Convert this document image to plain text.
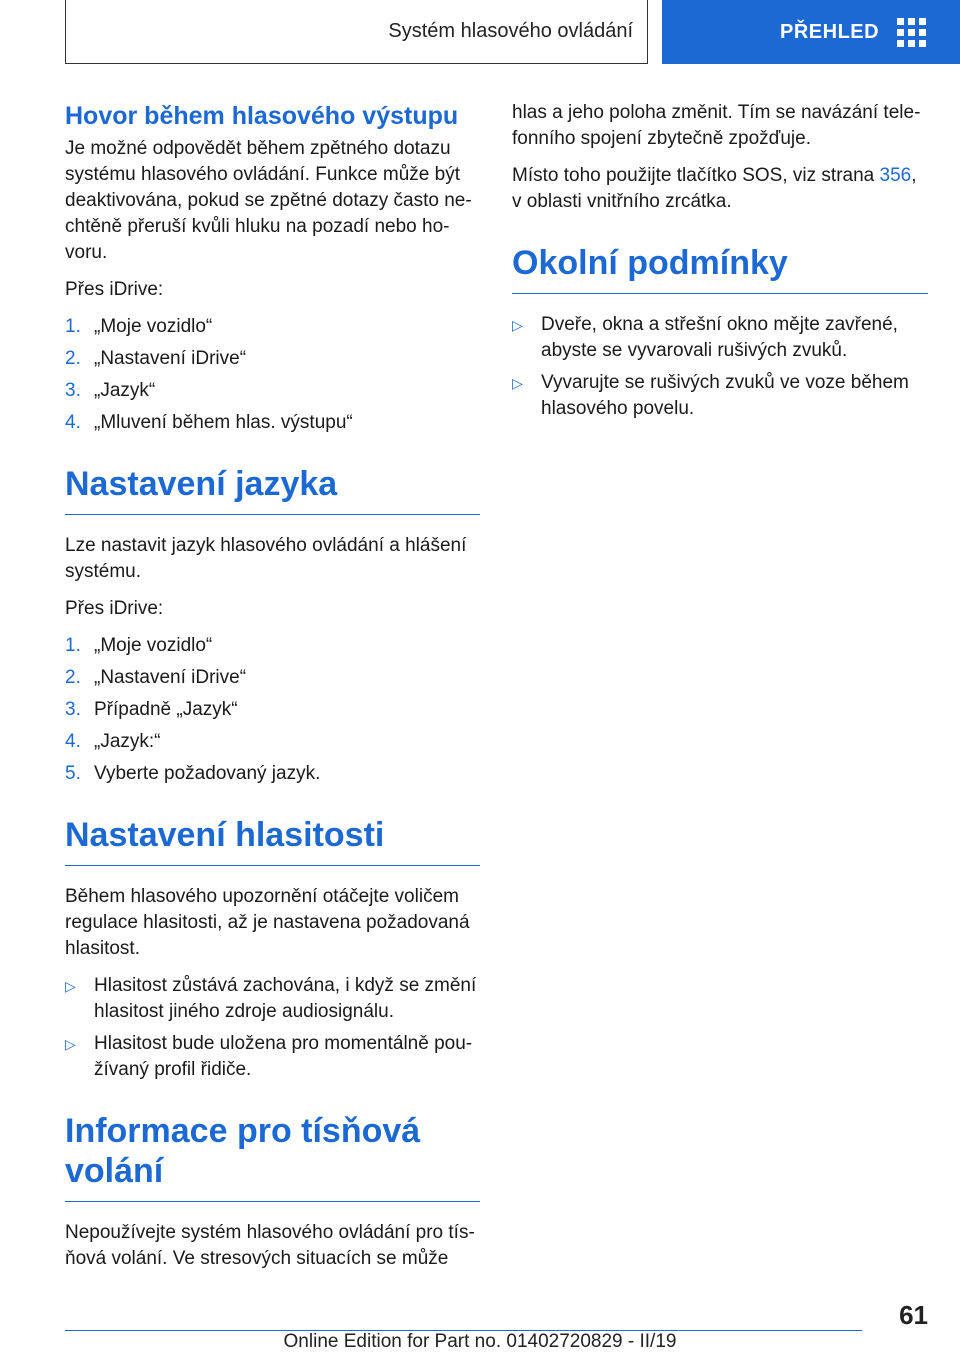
Systém hlasového ovládání	PŘEHLED
Hovor během hlasového výstupu

Je možné odpovědět během zpětného dotazu systému hlasového ovládání. Funkce může být deaktivována, pokud se zpětné dotazy často nechtěně přeruší kvůli hluku na pozadí nebo hovoru.

Přes iDrive:

1. „Moje vozidlo“
2. „Nastavení iDrive“
3. „Jazyk“
4. „Mluvení během hlas. výstupu“
Nastavení jazyka

Lze nastavit jazyk hlasového ovládání a hlášení systému.

Přes iDrive:

1. „Moje vozidlo“
2. „Nastavení iDrive“
3. Případně „Jazyk“
4. „Jazyk:“
5. Vyberte požadovaný jazyk.
Nastavení hlasitosti

Během hlasového upozornění otáčejte voličem regulace hlasitosti, až je nastavena požadovaná hlasitost.

▷ Hlasitost zůstává zachována, i když se změní hlasitost jiného zdroje audiosignálu.
▷ Hlasitost bude uložena pro momentálně používaný profil řidiče.
Informace pro tísňová volání

Nepoužívejte systém hlasového ovládání pro tísňová volání. Ve stresových situacích se může

hlas a jeho poloha změnit. Tím se navázání telefonního spojení zbytečně zpožďuje.

Místo toho použijte tlačítko SOS, viz strana 356, v oblasti vnitřního zrcátka.

Okolní podmínky
▷ Dveře, okna a střešní okno mějte zavřené, abyste se vyvarovali rušivých zvuků.
▷ Vyvarujte se rušivých zvuků ve voze během hlasového povelu.
61
Online Edition for Part no. 01402720829 - II/19
